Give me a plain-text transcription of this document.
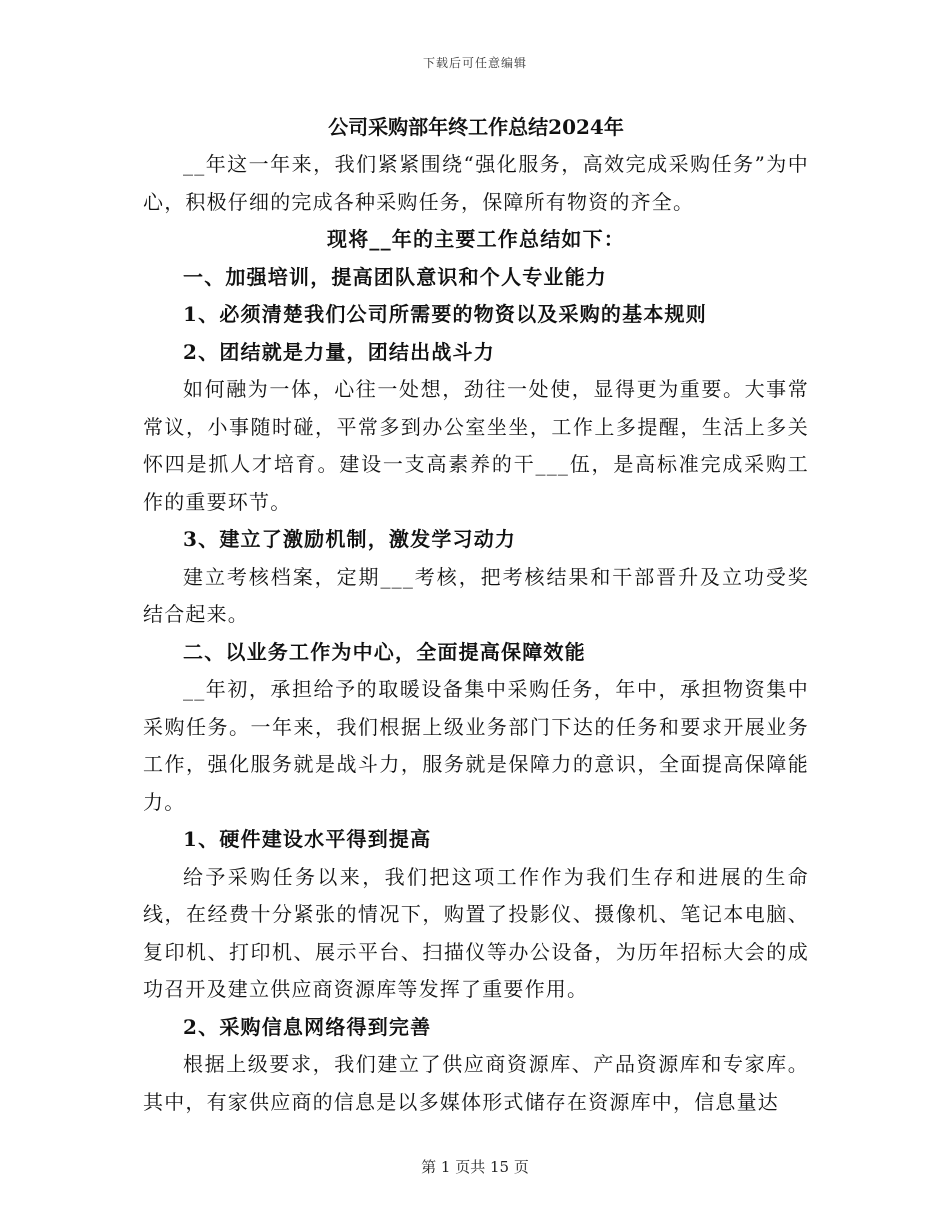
下载后可任意编辑
公司采购部年终工作总结2024年

__年这一年来，我们紧紧围绕“强化服务，高效完成采购任务”为中心，积极仔细的完成各种采购任务，保障所有物资的齐全。

现将__年的主要工作总结如下：

一、加强培训，提高团队意识和个人专业能力

1、必须清楚我们公司所需要的物资以及采购的基本规则

2、团结就是力量，团结出战斗力

如何融为一体，心往一处想，劲往一处使，显得更为重要。大事常常议，小事随时碰，平常多到办公室坐坐，工作上多提醒，生活上多关怀四是抓人才培育。建设一支高素养的干___伍，是高标准完成采购工作的重要环节。

3、建立了激励机制，激发学习动力

建立考核档案，定期___考核，把考核结果和干部晋升及立功受奖结合起来。

二、以业务工作为中心，全面提高保障效能

__年初，承担给予的取暖设备集中采购任务，年中，承担物资集中采购任务。一年来，我们根据上级业务部门下达的任务和要求开展业务工作，强化服务就是战斗力，服务就是保障力的意识，全面提高保障能力。

1、硬件建设水平得到提高

给予采购任务以来，我们把这项工作作为我们生存和进展的生命线，在经费十分紧张的情况下，购置了投影仪、摄像机、笔记本电脑、复印机、打印机、展示平台、扫描仪等办公设备，为历年招标大会的成功召开及建立供应商资源库等发挥了重要作用。

2、采购信息网络得到完善

根据上级要求，我们建立了供应商资源库、产品资源库和专家库。其中，有家供应商的信息是以多媒体形式储存在资源库中，信息量达

第 1 页共 15 页
